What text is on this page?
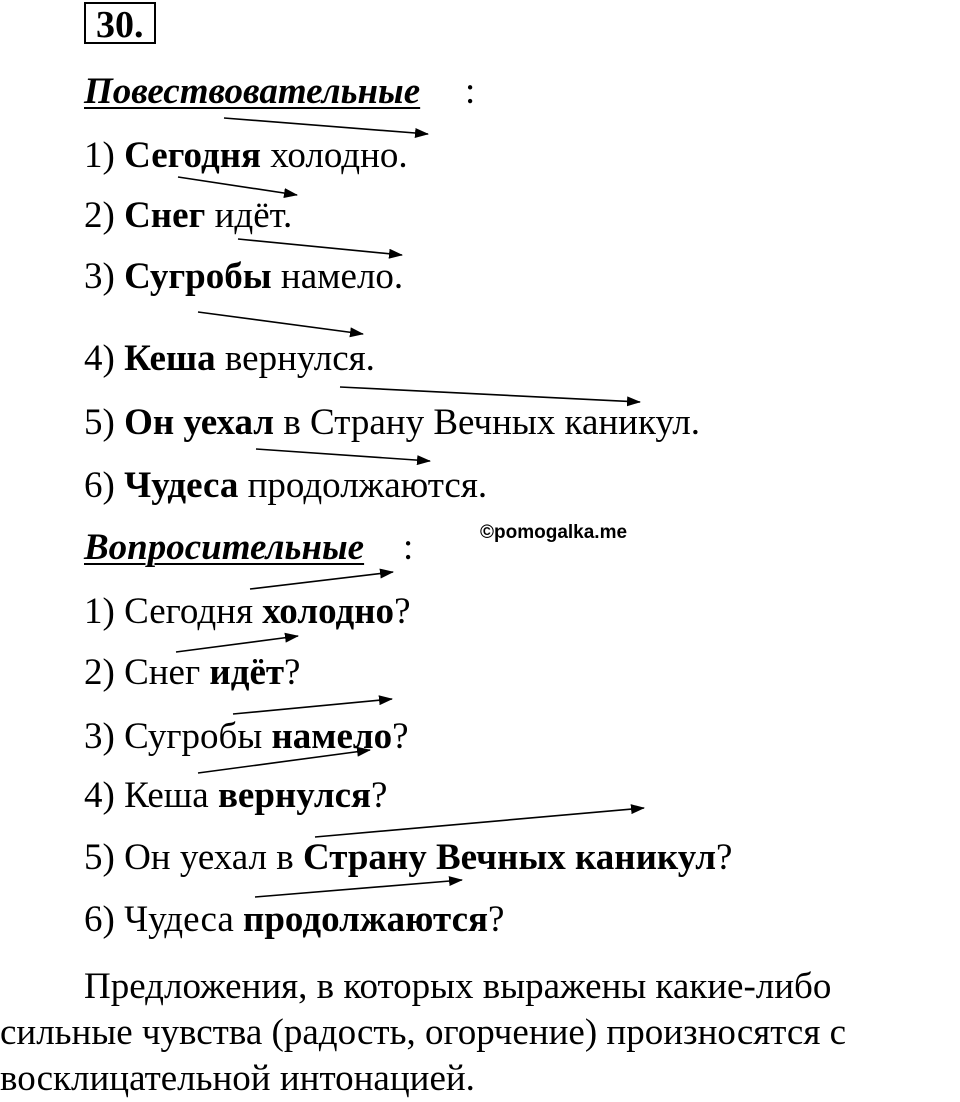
30.
Повествовательные :
1) Сегодня холодно.
2) Снег идёт.
3) Сугробы намело.
4) Кеша вернулся.
5) Он уехал в Страну Вечных каникул.
6) Чудеса продолжаются.
©pomogalka.me
Вопросительные :
1) Сегодня холодно?
2) Снег идёт?
3) Сугробы намело?
4) Кеша вернулся?
5) Он уехал в Страну Вечных каникул?
6) Чудеса продолжаются?
Предложения, в которых выражены какие-либо
сильные чувства (радость, огорчение) произносятся с
восклицательной интонацией.
